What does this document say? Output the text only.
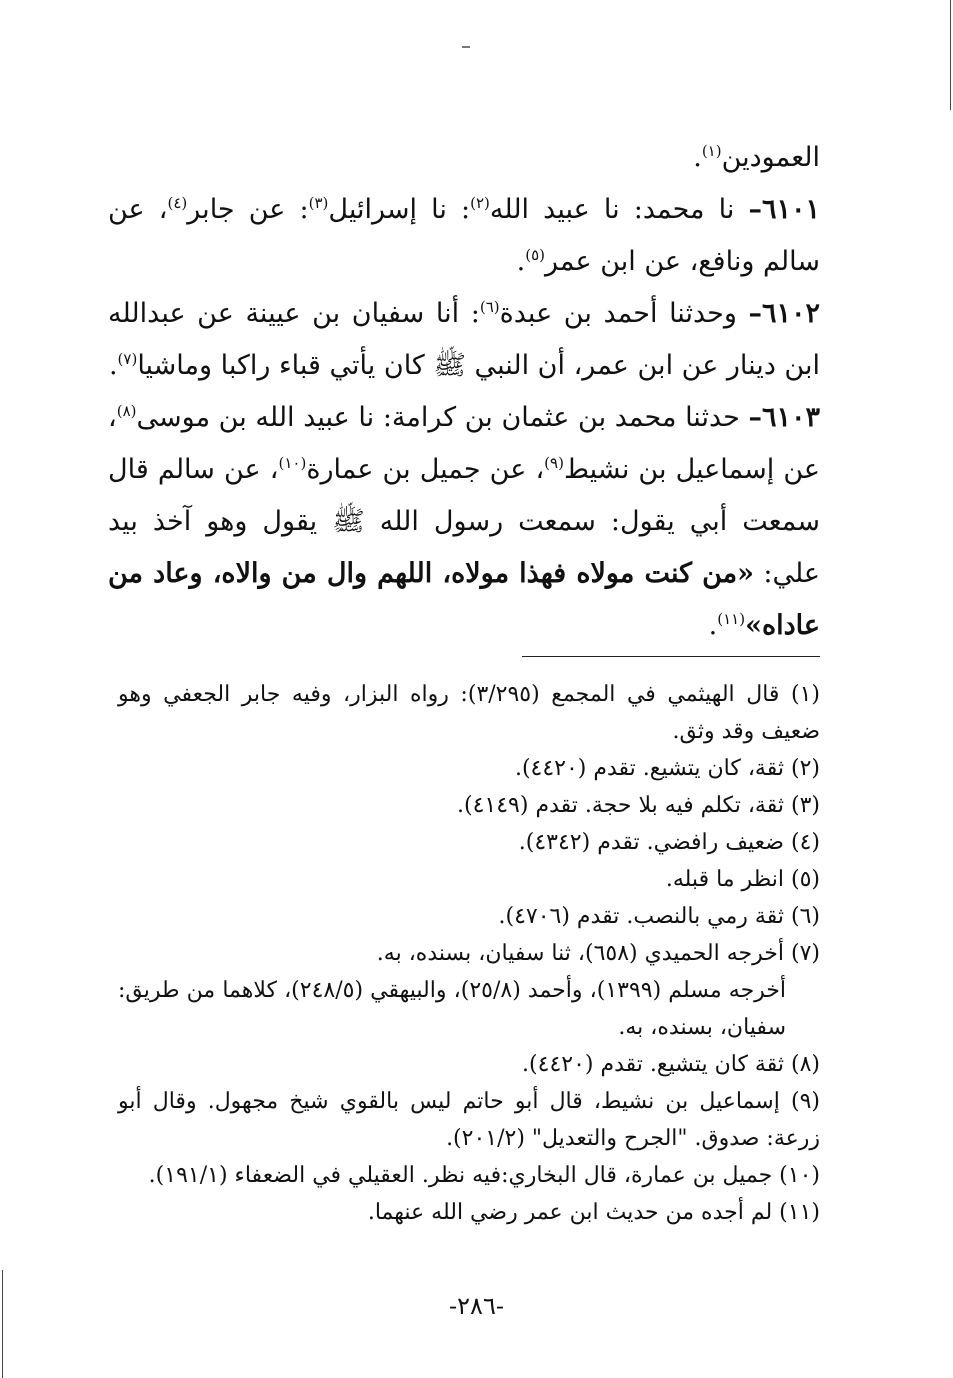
العمودين$^{(١)}$.

٦١٠١– نا محمد: نا عبيد الله$^{(٢)}$: نا إسرائيل$^{(٣)}$: عن جابر$^{(٤)}$، عن سالم ونافع، عن ابن عمر$^{(٥)}$.

٦١٠٢– وحدثنا أحمد بن عبدة$^{(٦)}$: أنا سفيان بن عيينة عن عبدالله ابن دينار عن ابن عمر، أن النبي ﷺ كان يأتي قباء راكبا وماشيا$^{(٧)}$.

٦١٠٣– حدثنا محمد بن عثمان بن كرامة: نا عبيد الله بن موسى$^{(٨)}$، عن إسماعيل بن نشيط$^{(٩)}$، عن جميل بن عمارة$^{(١٠)}$، عن سالم قال سمعت أبي يقول: سمعت رسول الله ﷺ يقول وهو آخذ بيد علي: «من كنت مولاه فهذا مولاه، اللهم وال من والاه، وعاد من عاداه»$^{(١١)}$.

(١) قال الهيثمي في المجمع (٣/٢٩٥): رواه البزار، وفيه جابر الجعفي وهو ضعيف وقد وثق.

(٢) ثقة، كان يتشيع. تقدم (٤٤٢٠).

(٣) ثقة، تكلم فيه بلا حجة. تقدم (٤١٤٩).

(٤) ضعيف رافضي. تقدم (٤٣٤٢).

(٥) انظر ما قبله.

(٦) ثقة رمي بالنصب. تقدم (٤٧٠٦).

(٧) أخرجه الحميدي (٦٥٨)، ثنا سفيان، بسنده، به.

أخرجه مسلم (١٣٩٩)، وأحمد (٢٥/٨)، والبيهقي (٢٤٨/٥)، كلاهما من طريق: سفيان، بسنده، به.

(٨) ثقة كان يتشيع. تقدم (٤٤٢٠).

(٩) إسماعيل بن نشيط، قال أبو حاتم ليس بالقوي شيخ مجهول. وقال أبو زرعة: صدوق. "الجرح والتعديل" (٢٠١/٢).

(١٠) جميل بن عمارة، قال البخاري:فيه نظر. العقيلي في الضعفاء (١٩١/١).

(١١) لم أجده من حديث ابن عمر رضي الله عنهما.

-٢٨٦-
